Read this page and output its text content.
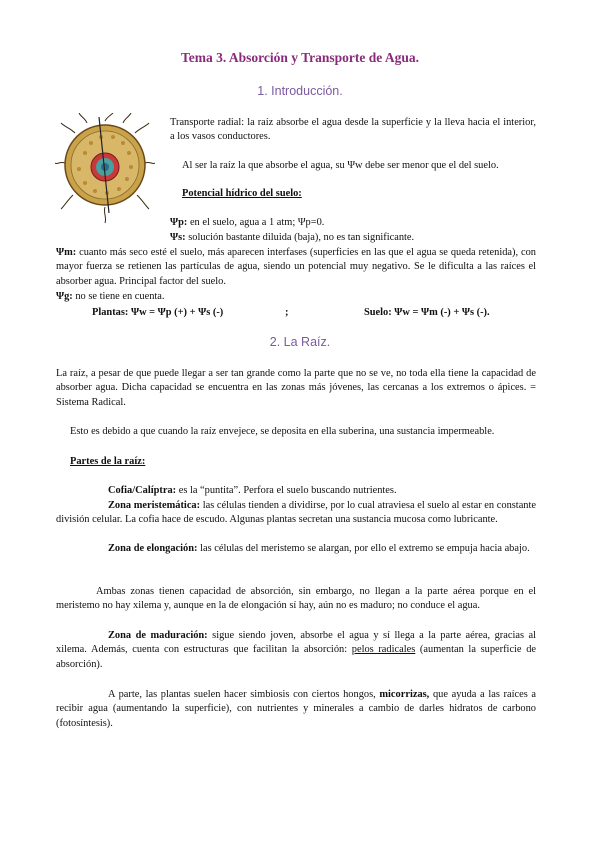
Tema 3. Absorción y Transporte de Agua.
1. Introducción.
Transporte radial: la raíz absorbe el agua desde la superficie y la lleva hacia el interior, a los vasos conductores.
Al ser la raíz la que absorbe el agua, su Ψw debe ser menor que el del suelo.
Potencial hídrico del suelo:
Ψp: en el suelo, agua a 1 atm; Ψp=0.
Ψs: solución bastante diluida (baja), no es tan significante.
Ψm: cuanto más seco esté el suelo, más aparecen interfases (superficies en las que el agua se queda retenida), con mayor fuerza se retienen las partículas de agua, siendo un potencial muy negativo. Se le dificulta a las raíces el absorber agua. Principal factor del suelo.
Ψg: no se tiene en cuenta.
Plantas: Ψw = Ψp (+) + Ψs (-)	;	Suelo: Ψw = Ψm (-) + Ψs (-).
2. La Raíz.
La raíz, a pesar de que puede llegar a ser tan grande como la parte que no se ve, no toda ella tiene la capacidad de absorber agua. Dicha capacidad se encuentra en las zonas más jóvenes, las cercanas a los extremos o ápices. = Sistema Radical.
Esto es debido a que cuando la raíz envejece, se deposita en ella suberina, una sustancia impermeable.
Partes de la raíz:
Cofia/Calíptra: es la “puntita”. Perfora el suelo buscando nutrientes.
Zona meristemática: las células tienden a dividirse, por lo cual atraviesa el suelo al estar en constante división celular. La cofia hace de escudo. Algunas plantas secretan una sustancia mucosa como lubricante.
Zona de elongación: las células del meristemo se alargan, por ello el extremo se empuja hacia abajo.
Ambas zonas tienen capacidad de absorción, sin embargo, no llegan a la parte aérea porque en el meristemo no hay xilema y, aunque en la de elongación sí hay, aún no es maduro; no conduce el agua.
Zona de maduración: sigue siendo joven, absorbe el agua y sí llega a la parte aérea, gracias al xilema. Además, cuenta con estructuras que facilitan la absorción: pelos radicales (aumentan la superficie de absorción).
A parte, las plantas suelen hacer simbiosis con ciertos hongos, micorrizas, que ayuda a las raíces a recibir agua (aumentando la superficie), con nutrientes y minerales a cambio de darles hidratos de carbono (fotosíntesis).
